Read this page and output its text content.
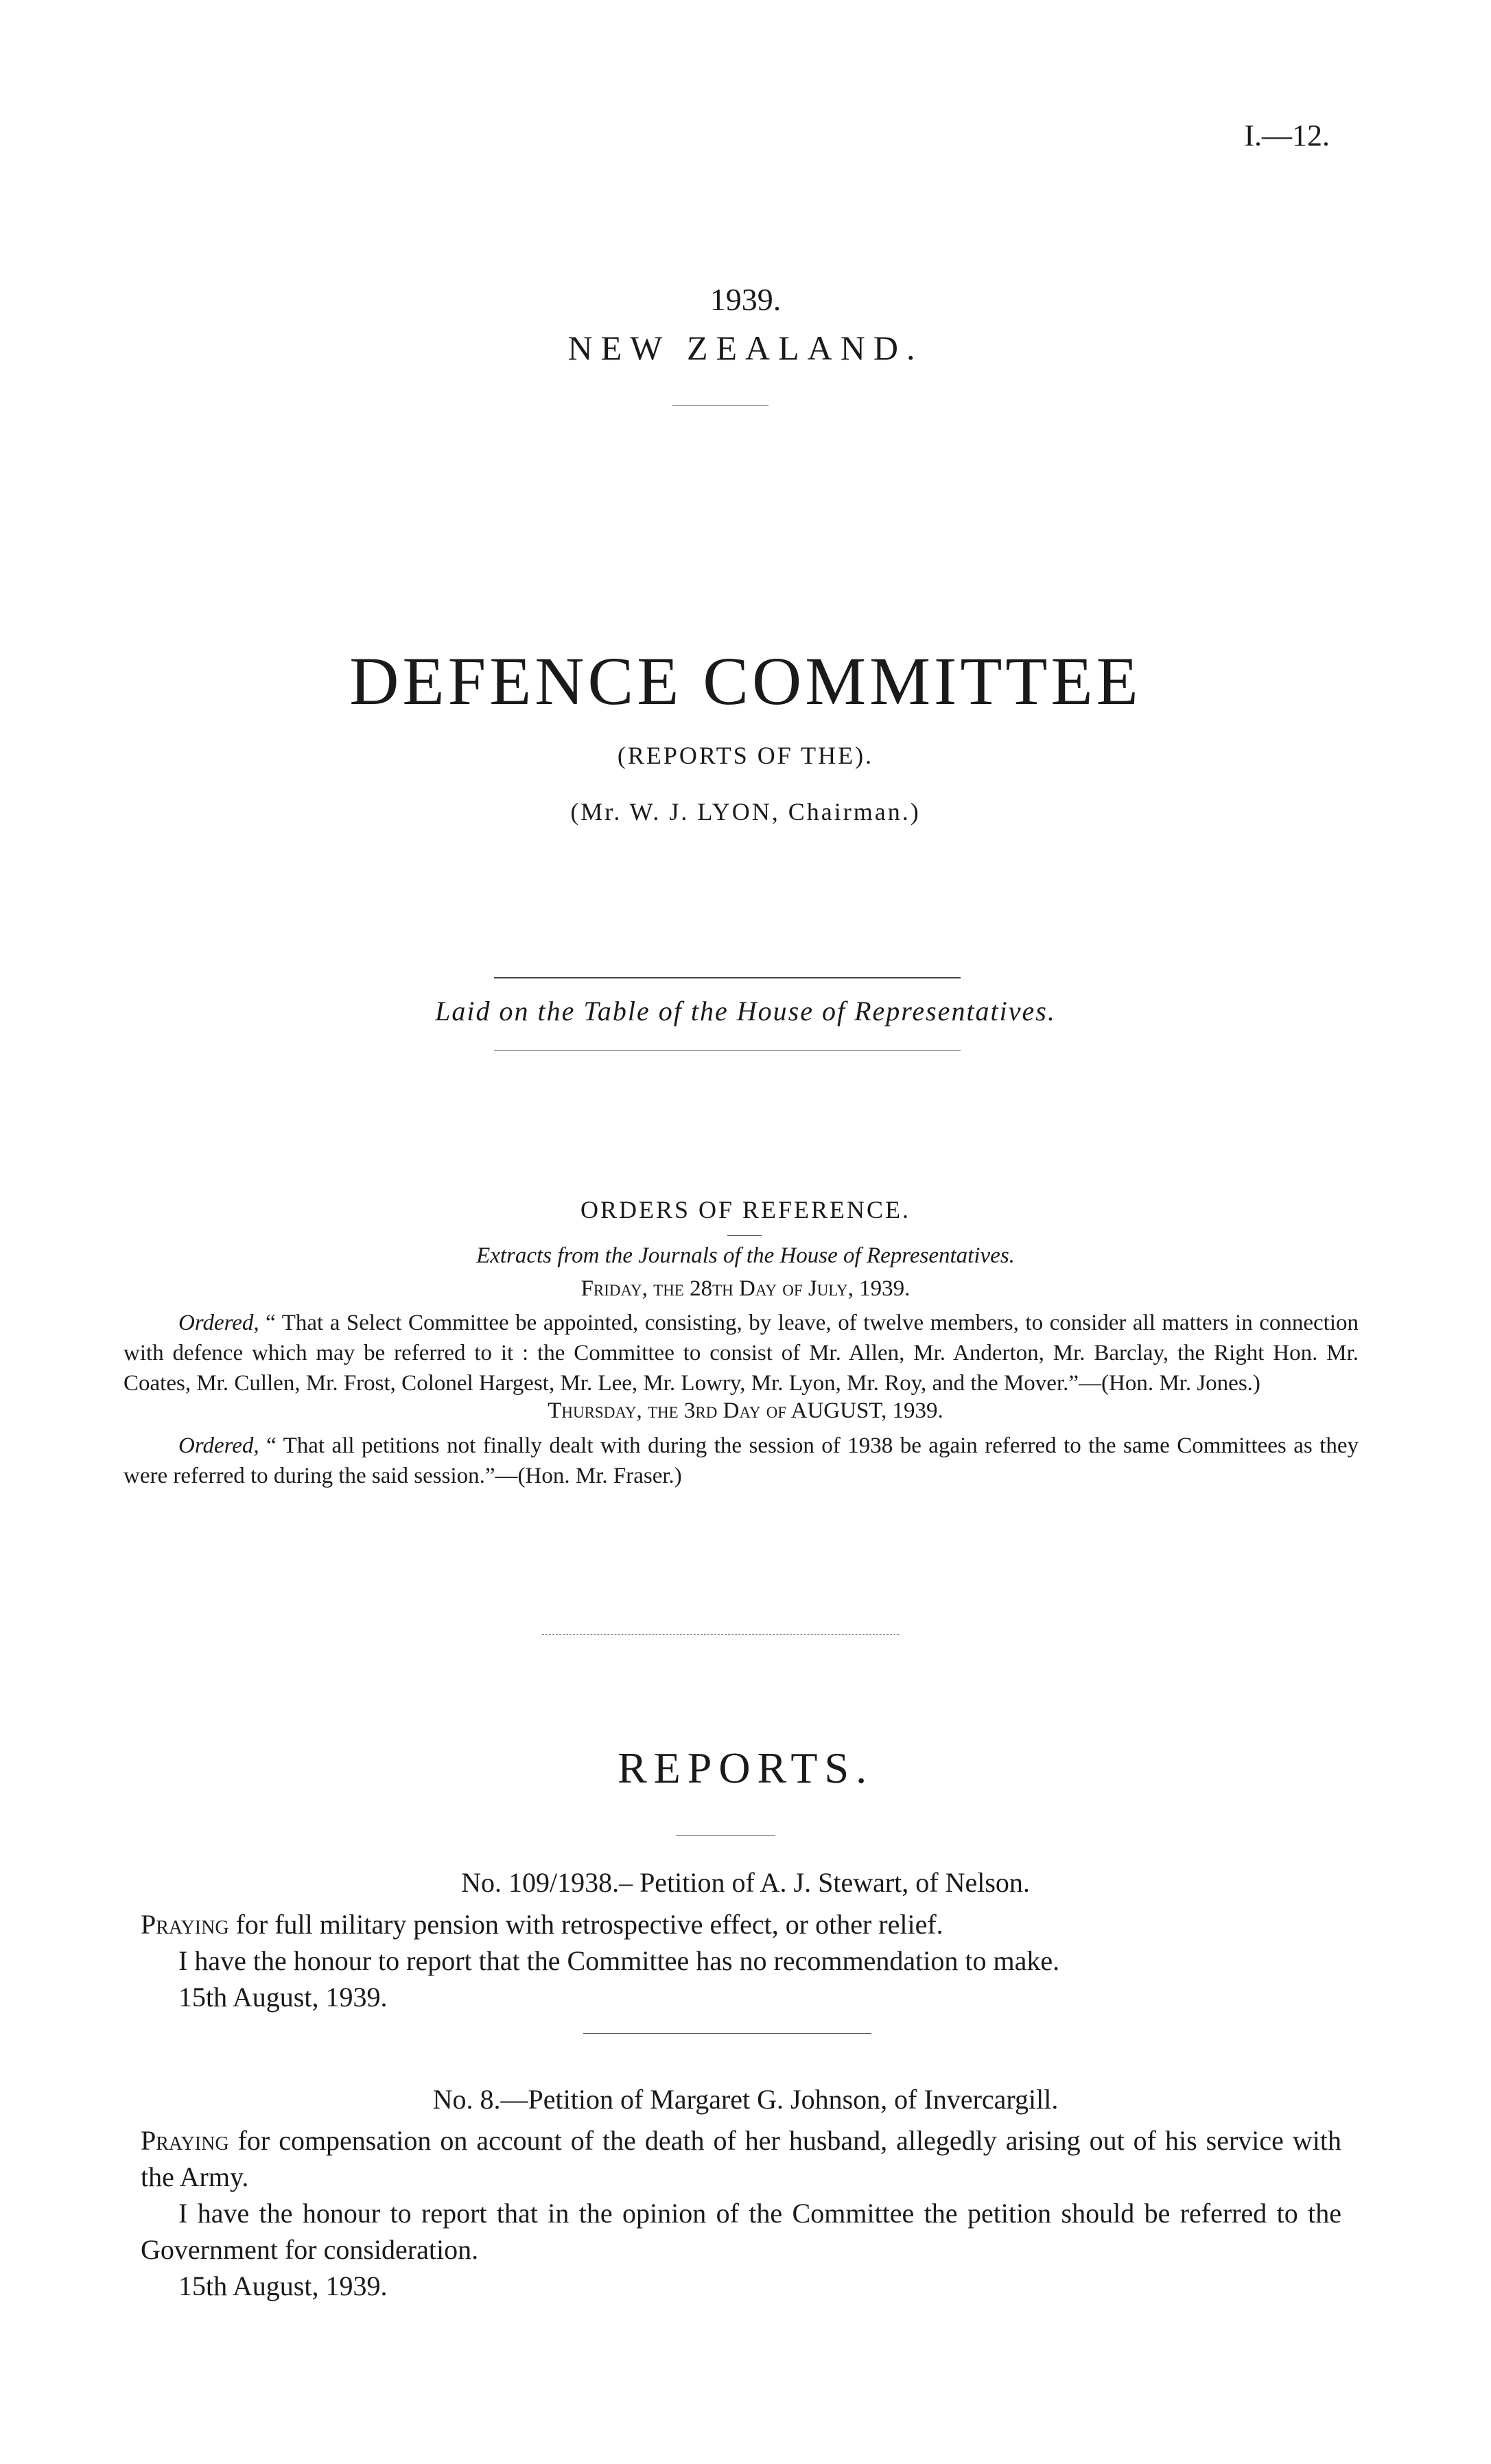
I.—12.
1939.
NEW ZEALAND.
DEFENCE COMMITTEE
(REPORTS OF THE).
(Mr. W. J. LYON, Chairman.)
Laid on the Table of the House of Representatives.
ORDERS OF REFERENCE.
Extracts from the Journals of the House of Representatives.
Friday, the 28th Day of July, 1939.

Ordered, “ That a Select Committee be appointed, consisting, by leave, of twelve members, to consider all matters in connection with defence which may be referred to it : the Committee to consist of Mr. Allen, Mr. Anderton, Mr. Barclay, the Right Hon. Mr. Coates, Mr. Cullen, Mr. Frost, Colonel Hargest, Mr. Lee, Mr. Lowry, Mr. Lyon, Mr. Roy, and the Mover.”—(Hon. Mr. Jones.)

Thursday, the 3rd Day of AUGUST, 1939.

Ordered, “ That all petitions not finally dealt with during the session of 1938 be again referred to the same Committees as they were referred to during the said session.”—(Hon. Mr. Fraser.)

REPORTS.
No. 109/1938.– Petition of A. J. Stewart, of Nelson.

Praying for full military pension with retrospective effect, or other relief.

I have the honour to report that the Committee has no recommendation to make.

15th August, 1939.

No. 8.—Petition of Margaret G. Johnson, of Invercargill.

Praying for compensation on account of the death of her husband, allegedly arising out of his service with the Army.

I have the honour to report that in the opinion of the Committee the petition should be referred to the Government for consideration.

15th August, 1939.
